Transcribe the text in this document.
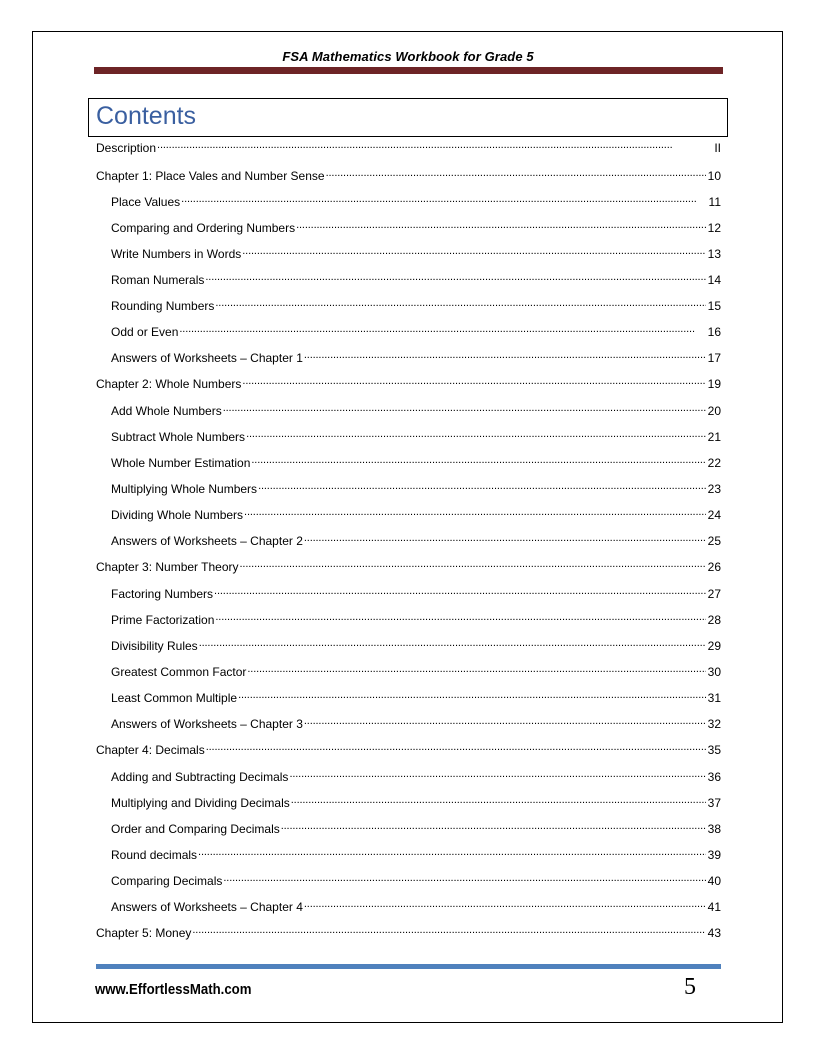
FSA Mathematics Workbook for Grade 5
Contents
Description . . .	II
Chapter 1: Place Vales and Number Sense . . .	10
Place Values . . .	11
Comparing and Ordering Numbers . . .	12
Write Numbers in Words . . .	13
Roman Numerals . . .	14
Rounding Numbers . . .	15
Odd or Even . . .	16
Answers of Worksheets – Chapter 1 . . .	17
Chapter 2: Whole Numbers . . .	19
Add Whole Numbers . . .	20
Subtract Whole Numbers . . .	21
Whole Number Estimation . . .	22
Multiplying Whole Numbers . . .	23
Dividing Whole Numbers . . .	24
Answers of Worksheets – Chapter 2 . . .	25
Chapter 3: Number Theory . . .	26
Factoring Numbers . . .	27
Prime Factorization . . .	28
Divisibility Rules . . .	29
Greatest Common Factor . . .	30
Least Common Multiple . . .	31
Answers of Worksheets – Chapter 3 . . .	32
Chapter 4: Decimals . . .	35
Adding and Subtracting Decimals . . .	36
Multiplying and Dividing Decimals . . .	37
Order and Comparing Decimals . . .	38
Round decimals . . .	39
Comparing Decimals . . .	40
Answers of Worksheets – Chapter 4 . . .	41
Chapter 5: Money . . .	43
www.EffortlessMath.com	5
